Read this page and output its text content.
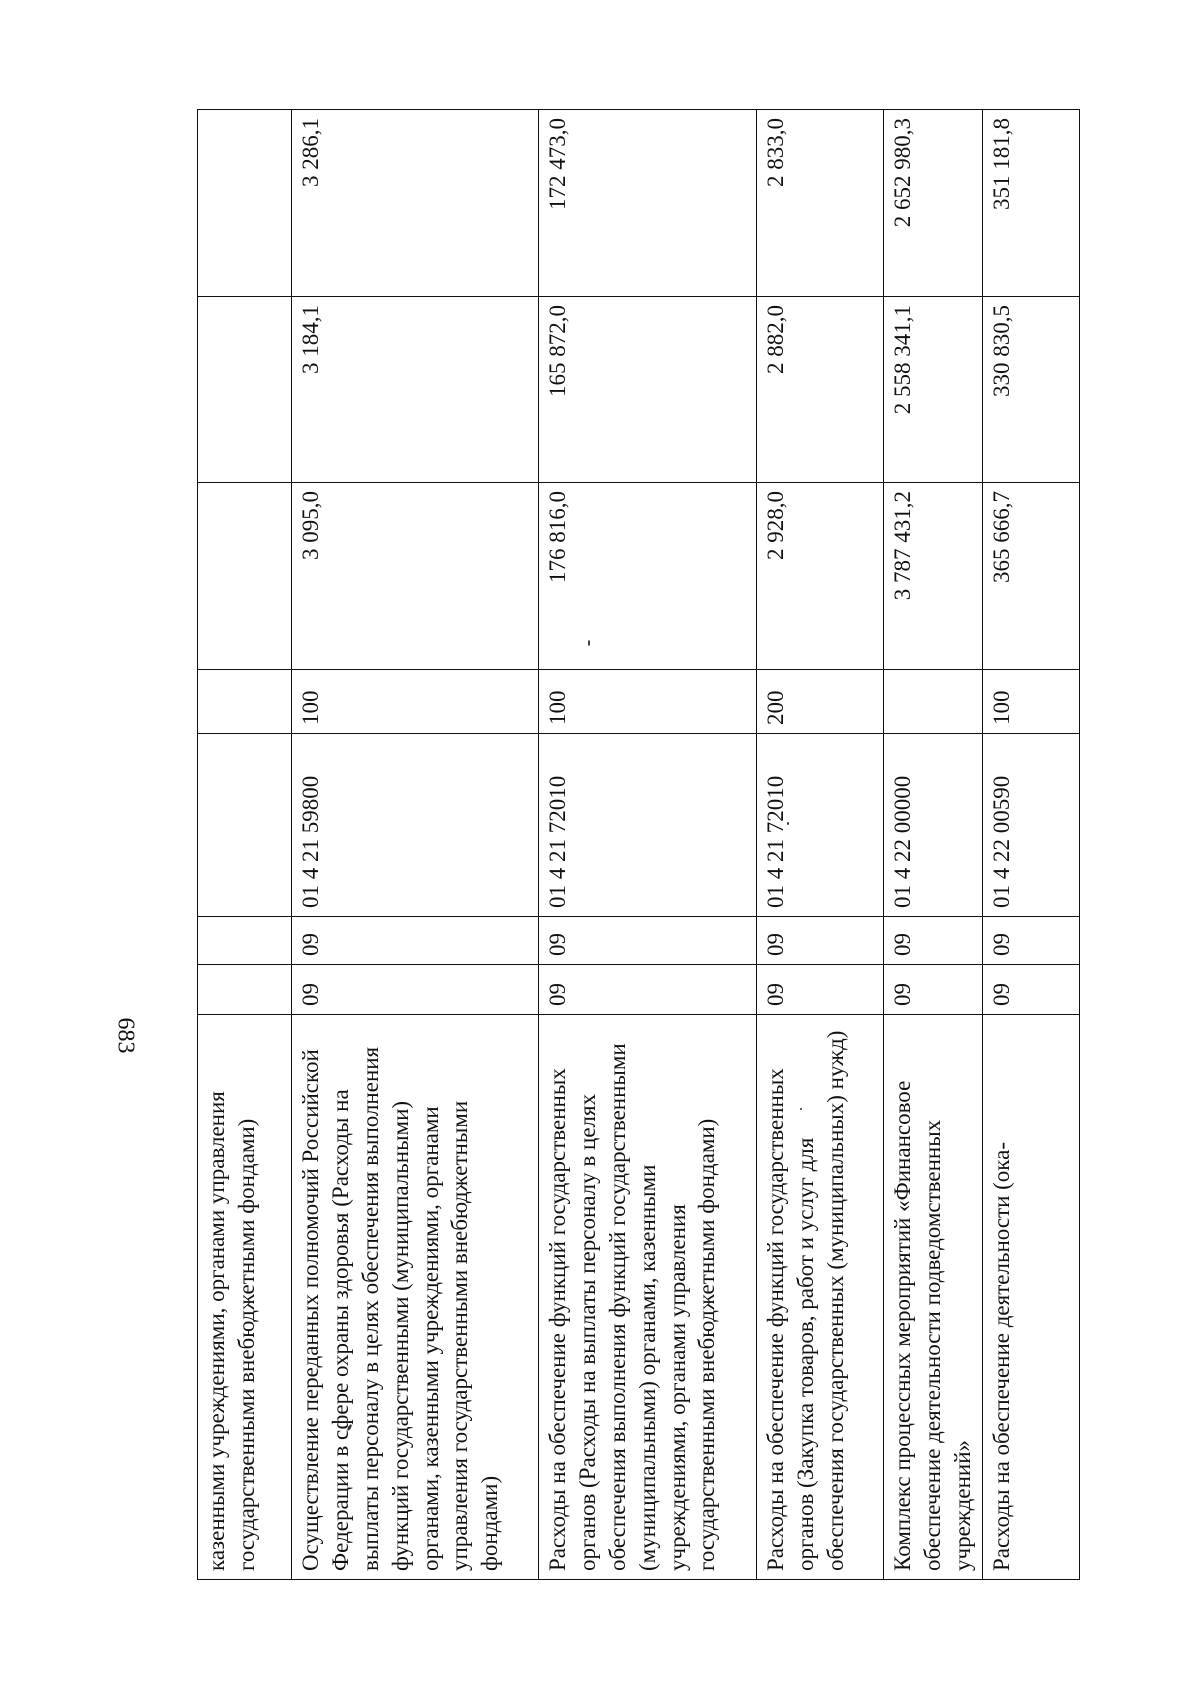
683
казенными учреждениями, органами управления государственными внебюджетными фондами)							
Осуществление переданных полномочий Российской Федерации в сфере охраны здоровья (Расходы на выплаты персоналу в целях обеспечения выполнения функций государственными (муниципальными) органами, казенными учреждениями, органами управления государственными внебюджетными фондами)	09	09	01 4 21 59800	100	3 095,0	3 184,1	3 286,1
Расходы на обеспечение функций государственных органов (Расходы на выплаты персоналу в целях обеспечения выполнения функций государственными (муниципальными) органами, казенными учреждениями, органами управления государственными внебюджетными фондами)	09	09	01 4 21 72010	100	176 816,0	165 872,0	172 473,0
Расходы на обеспечение функций государственных органов (Закупка товаров, работ и услуг для обеспечения государственных (муниципальных) нужд)	09	09	01 4 21 72010	200	2 928,0	2 882,0	2 833,0
Комплекс процессных мероприятий «Финансовое обеспечение деятельности подведомственных учреждений»	09	09	01 4 22 00000		3 787 431,2	2 558 341,1	2 652 980,3
Расходы на обеспечение деятельности (ока-	09	09	01 4 22 00590	100	365 666,7	330 830,5	351 181,8
